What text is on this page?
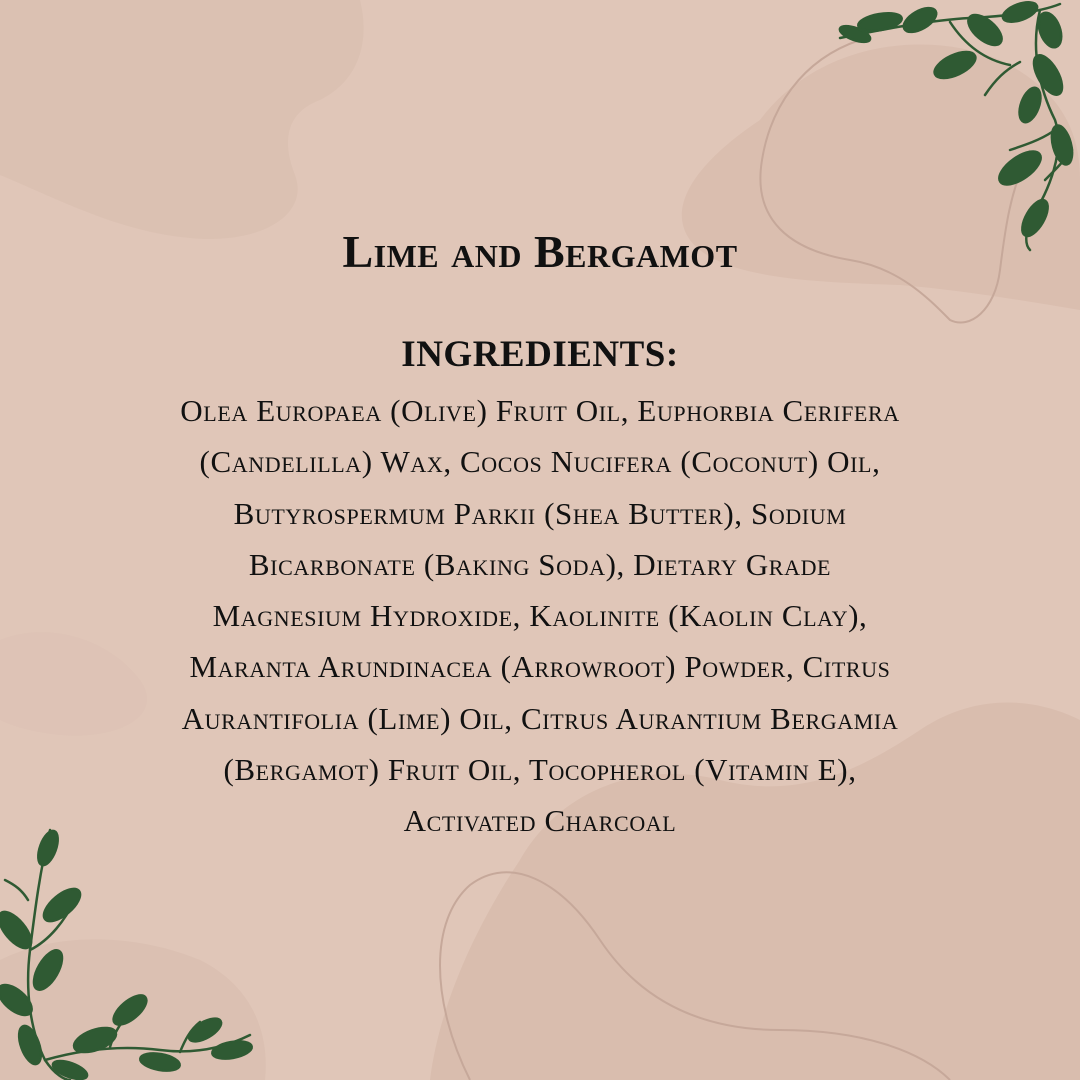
Lime and Bergamot
INGREDIENTS:
Olea Europaea (Olive) Fruit Oil, Euphorbia Cerifera
(Candelilla) Wax, Cocos Nucifera (Coconut) Oil,
Butyrospermum Parkii (Shea Butter), Sodium
Bicarbonate (Baking Soda), Dietary Grade
Magnesium Hydroxide, Kaolinite (Kaolin Clay),
Maranta Arundinacea (Arrowroot) Powder, Citrus
Aurantifolia (Lime) Oil, Citrus Aurantium Bergamia
(Bergamot) Fruit Oil, Tocopherol (Vitamin E),
Activated Charcoal
